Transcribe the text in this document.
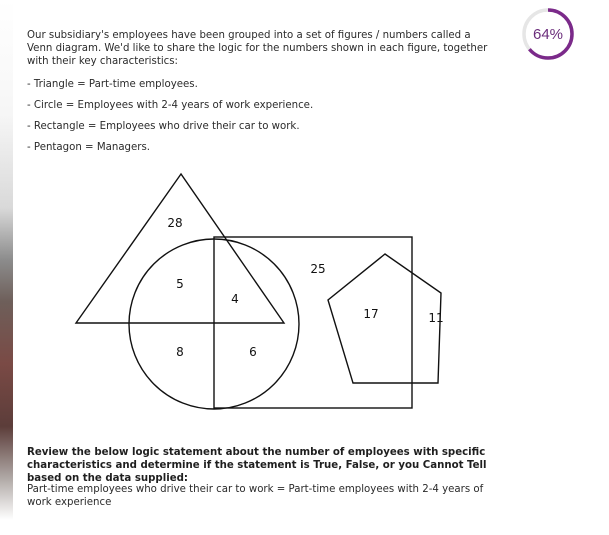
Our subsidiary's employees have been grouped into a set of figures / numbers called a Venn diagram. We'd like to share the logic for the numbers shown in each figure, together with their key characteristics:
- Triangle = Part-time employees.
- Circle = Employees with 2-4 years of work experience.
- Rectangle = Employees who drive their car to work.
- Pentagon = Managers.
64%
28
5
4
8	6
25
17	11
Review the below logic statement about the number of employees with specific characteristics and determine if the statement is True, False, or you Cannot Tell based on the data supplied:
Part-time employees who drive their car to work = Part-time employees with 2-4 years of work experience
